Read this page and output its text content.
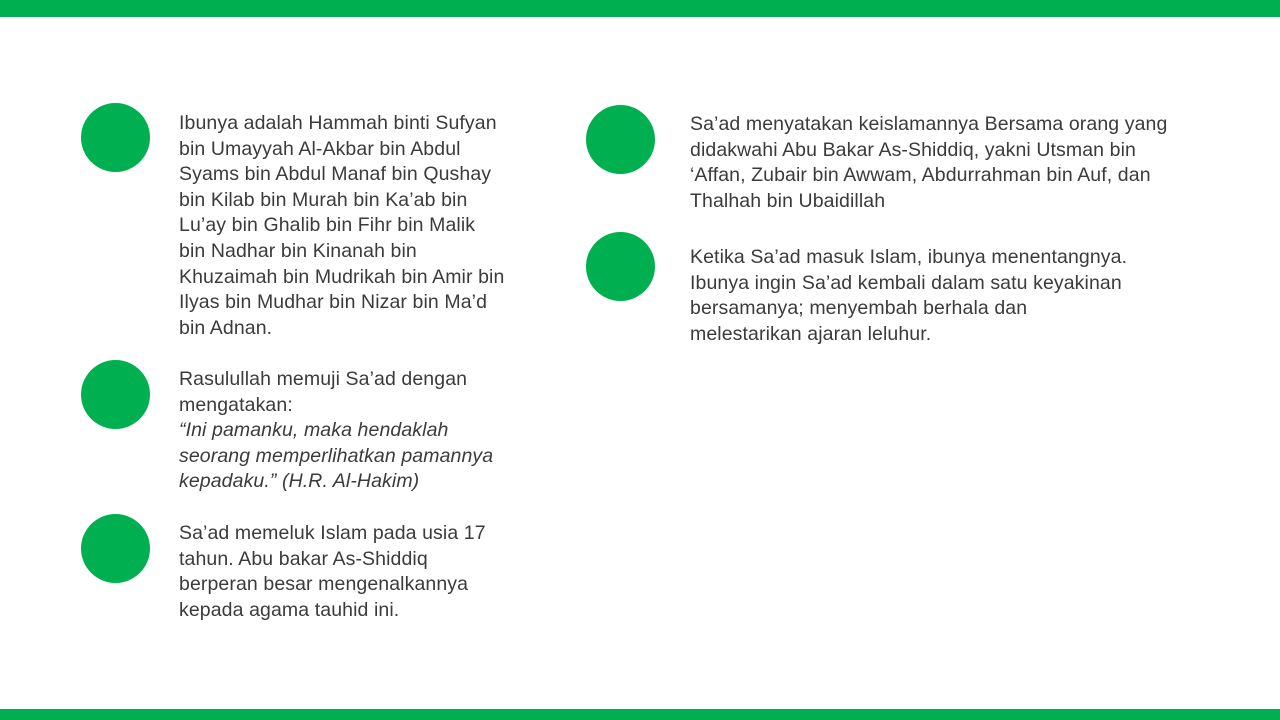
Ibunya adalah Hammah binti Sufyan
bin Umayyah Al-Akbar bin Abdul
Syams bin Abdul Manaf bin Qushay
bin Kilab bin Murah bin Ka’ab bin
Lu’ay bin Ghalib bin Fihr bin Malik
bin Nadhar bin Kinanah bin
Khuzaimah bin Mudrikah bin Amir bin
Ilyas bin Mudhar bin Nizar bin Ma’d
bin Adnan.
Rasulullah memuji Sa’ad dengan
mengatakan:
“Ini pamanku, maka hendaklah
seorang memperlihatkan pamannya
kepadaku.” (H.R. Al-Hakim)
Sa’ad memeluk Islam pada usia 17
tahun. Abu bakar As-Shiddiq
berperan besar mengenalkannya
kepada agama tauhid ini.
Sa’ad menyatakan keislamannya Bersama orang yang
didakwahi Abu Bakar As-Shiddiq, yakni Utsman bin
‘Affan, Zubair bin Awwam, Abdurrahman bin Auf, dan
Thalhah bin Ubaidillah
Ketika Sa’ad masuk Islam, ibunya menentangnya.
Ibunya ingin Sa’ad kembali dalam satu keyakinan
bersamanya; menyembah berhala dan
melestarikan ajaran leluhur.
